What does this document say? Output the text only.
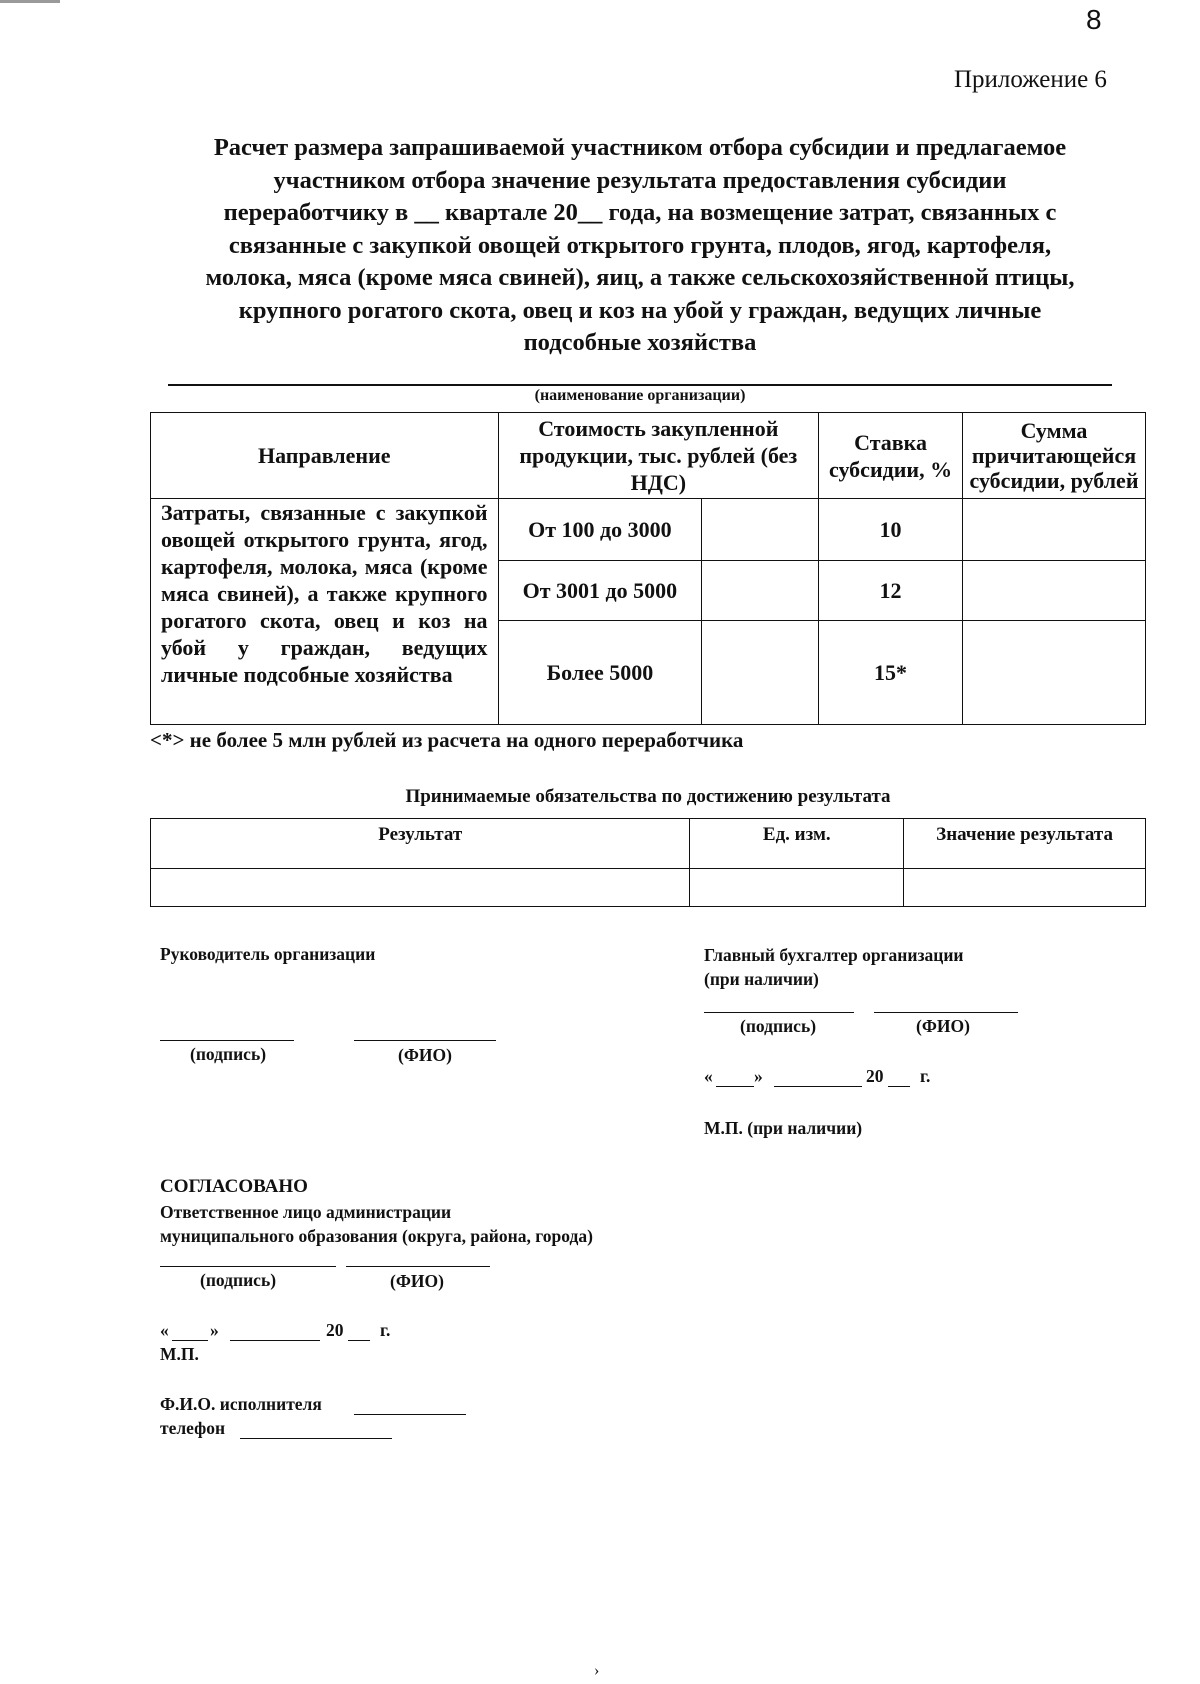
8
Приложение 6
Расчет размера запрашиваемой участником отбора субсидии и предлагаемое
участником отбора значение результата предоставления субсидии
переработчику в __ квартале 20__ года, на возмещение затрат, связанных с
связанные с закупкой овощей открытого грунта, плодов, ягод, картофеля,
молока, мяса (кроме мяса свиней), яиц, а также сельскохозяйственной птицы,
крупного рогатого скота, овец и коз на убой у граждан, ведущих личные
подсобные хозяйства
(наименование организации)
Направление	Стоимость закупленной продукции, тыс. рублей (без НДС)		Ставка субсидии, %	Сумма причитающейся субсидии, рублей
Затраты, связанные с закупкой овощей открытого грунта, ягод, картофеля, молока, мяса (кроме мяса свиней), а также крупного рогатого скота, овец и коз на убой у граждан, ведущих личные подсобные хозяйства	От 100 до 3000		10	
	От 3001 до 5000		12	
	Более 5000		15*	
<*> не более 5 млн рублей из расчета на одного переработчика
Принимаемые обязательства по достижению результата
Результат	Ед. изм.	Значение результата

Руководитель организации
(подпись)	(ФИО)
Главный бухгалтер организации
(при наличии)
(подпись)	(ФИО)
« »	20 г.
М.П. (при наличии)
СОГЛАСОВАНО
Ответственное лицо администрации
муниципального образования (округа, района, города)
(подпись)	(ФИО)
« »	20 г.
М.П.
Ф.И.О. исполнителя
телефон
›
